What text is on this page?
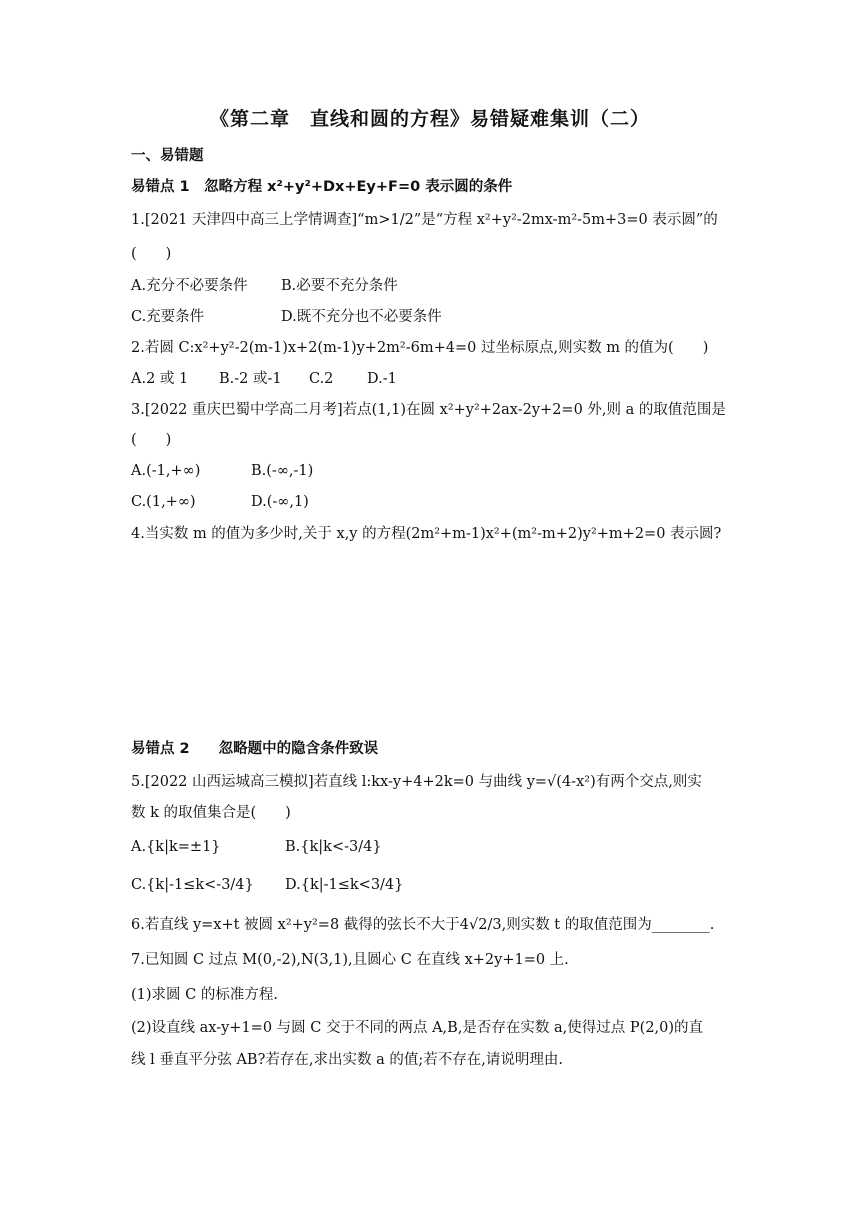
《第二章　直线和圆的方程》易错疑难集训（二）
一、易错题
易错点 1　忽略方程 x²+y²+Dx+Ey+F=0 表示圆的条件
1.[2021 天津四中高三上学情调查]“m>1/2”是“方程 x²+y²-2mx-m²-5m+3=0 表示圆”的
(　　)
A.充分不必要条件 B.必要不充分条件
C.充要条件	D.既不充分也不必要条件
2.若圆 C:x²+y²-2(m-1)x+2(m-1)y+2m²-6m+4=0 过坐标原点,则实数 m 的值为(　　)
A.2 或 1 B.-2 或-1 C.2 D.-1
3.[2022 重庆巴蜀中学高二月考]若点(1,1)在圆 x²+y²+2ax-2y+2=0 外,则 a 的取值范围是
(　　)
A.(-1,+∞)	B.(-∞,-1)
C.(1,+∞)	D.(-∞,1)
4.当实数 m 的值为多少时,关于 x,y 的方程(2m²+m-1)x²+(m²-m+2)y²+m+2=0 表示圆?
易错点 2　　忽略题中的隐含条件致误
5.[2022 山西运城高三模拟]若直线 l:kx-y+4+2k=0 与曲线 y=√(4-x²)有两个交点,则实
数 k 的取值集合是(　　)
A.{k|k=±1}	B.{k|k<-3/4}
C.{k|-1≤k<-3/4} D.{k|-1≤k<3/4}
6.若直线 y=x+t 被圆 x²+y²=8 截得的弦长不大于4√2/3,则实数 t 的取值范围为________.
7.已知圆 C 过点 M(0,-2),N(3,1),且圆心 C 在直线 x+2y+1=0 上.
(1)求圆 C 的标准方程.
(2)设直线 ax-y+1=0 与圆 C 交于不同的两点 A,B,是否存在实数 a,使得过点 P(2,0)的直
线 l 垂直平分弦 AB?若存在,求出实数 a 的值;若不存在,请说明理由.
